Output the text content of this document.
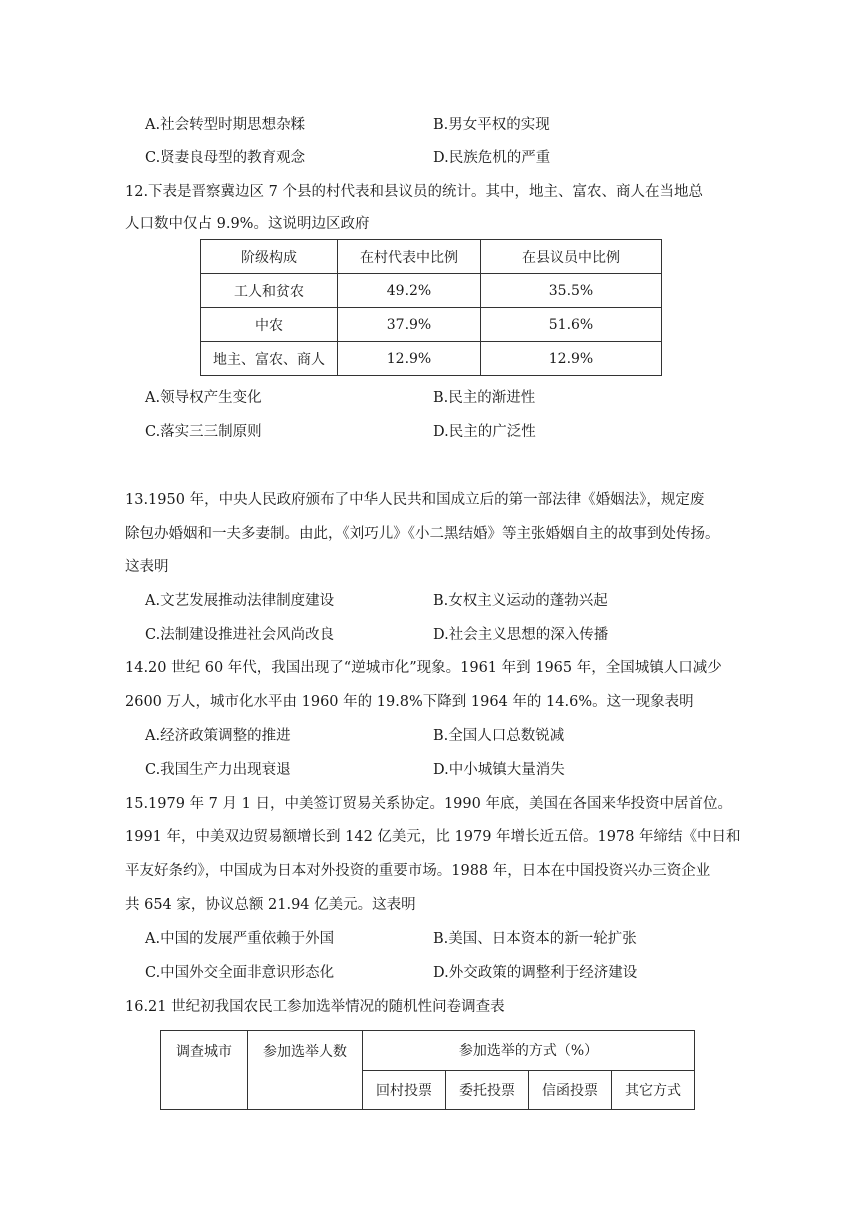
A.社会转型时期思想杂糅	B.男女平权的实现
C.贤妻良母型的教育观念	D.民族危机的严重
12.下表是晋察冀边区 7 个县的村代表和县议员的统计。其中，地主、富农、商人在当地总
人口数中仅占 9.9%。这说明边区政府
阶级构成	在村代表中比例	在县议员中比例
工人和贫农	49.2%	35.5%
中农	37.9%	51.6%
地主、富农、商人	12.9%	12.9%
A.领导权产生变化	B.民主的渐进性
C.落实三三制原则	D.民主的广泛性
13.1950 年，中央人民政府颁布了中华人民共和国成立后的第一部法律《婚姻法》，规定废
除包办婚姻和一夫多妻制。由此，《刘巧儿》《小二黑结婚》等主张婚姻自主的故事到处传扬。
这表明
A.文艺发展推动法律制度建设	B.女权主义运动的蓬勃兴起
C.法制建设推进社会风尚改良	D.社会主义思想的深入传播
14.20 世纪 60 年代，我国出现了“逆城市化”现象。1961 年到 1965 年，全国城镇人口减少
2600 万人，城市化水平由 1960 年的 19.8%下降到 1964 年的 14.6%。这一现象表明
A.经济政策调整的推进	B.全国人口总数锐减
C.我国生产力出现衰退	D.中小城镇大量消失
15.1979 年 7 月 1 日，中美签订贸易关系协定。1990 年底，美国在各国来华投资中居首位。
1991 年，中美双边贸易额增长到 142 亿美元，比 1979 年增长近五倍。1978 年缔结《中日和
平友好条约》，中国成为日本对外投资的重要市场。1988 年，日本在中国投资兴办三资企业
共 654 家，协议总额 21.94 亿美元。这表明
A.中国的发展严重依赖于外国	B.美国、日本资本的新一轮扩张
C.中国外交全面非意识形态化	D.外交政策的调整利于经济建设
16.21 世纪初我国农民工参加选举情况的随机性问卷调查表
调查城市	参加选举人数	参加选举的方式（%）			
		回村投票	委托投票	信函投票	其它方式
